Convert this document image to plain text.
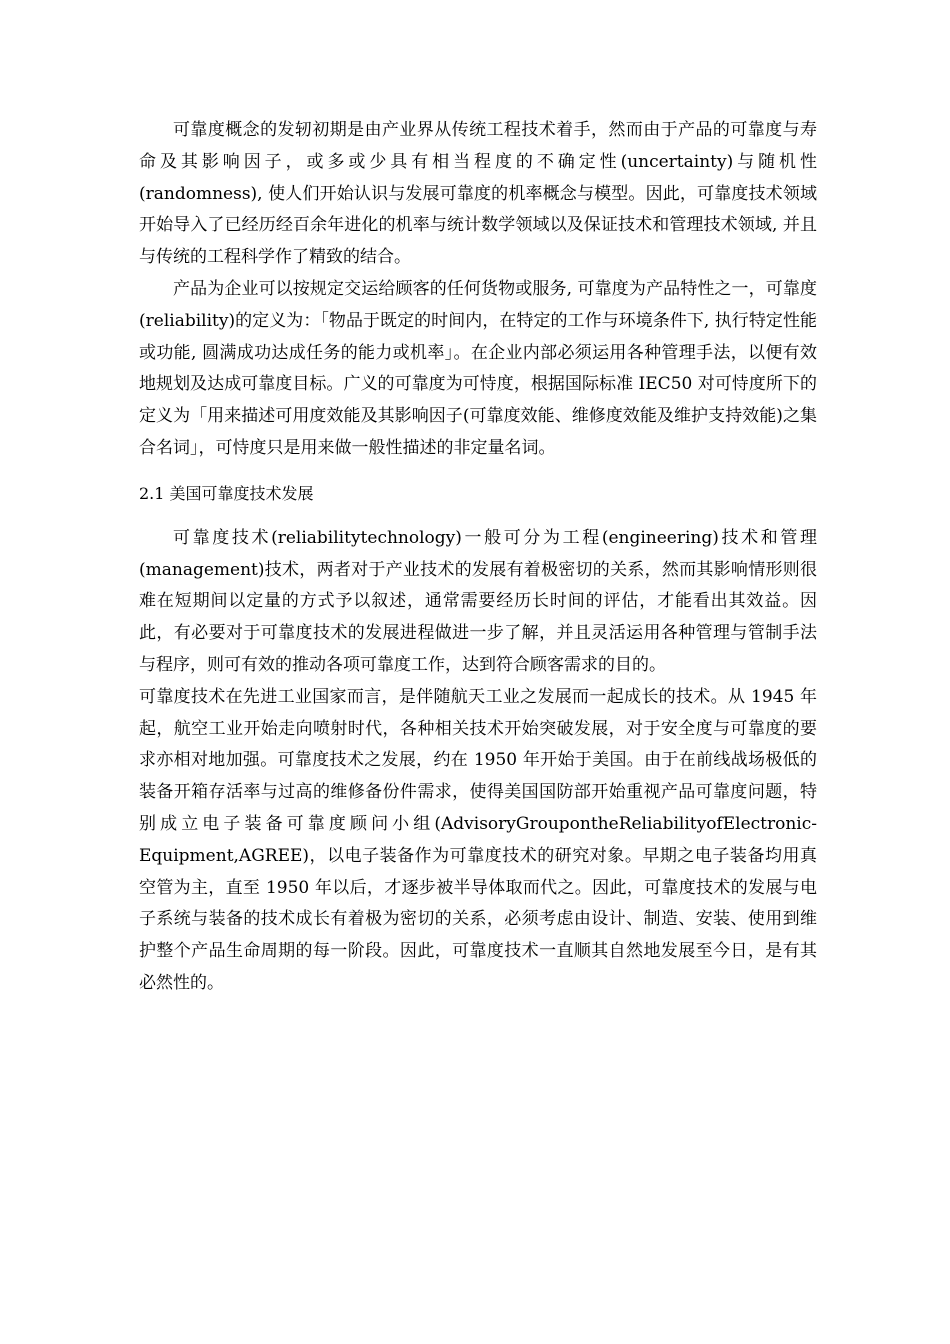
可靠度概念的发轫初期是由产业界从传统工程技术着手，然而由于产品的可靠度与寿命及其影响因子，或多或少具有相当程度的不确定性(uncertainty)与随机性(randomness), 使人们开始认识与发展可靠度的机率概念与模型。因此，可靠度技术领域开始导入了已经历经百余年进化的机率与统计数学领域以及保证技术和管理技术领域, 并且与传统的工程科学作了精致的结合。

产品为企业可以按规定交运给顾客的任何货物或服务, 可靠度为产品特性之一，可靠度(reliability)的定义为：「物品于既定的时间内，在特定的工作与环境条件下, 执行特定性能或功能, 圆满成功达成任务的能力或机率」。在企业内部必须运用各种管理手法，以便有效地规划及达成可靠度目标。广义的可靠度为可恃度，根据国际标准 IEC50 对可恃度所下的定义为「用来描述可用度效能及其影响因子(可靠度效能、维修度效能及维护支持效能)之集合名词」，可恃度只是用来做一般性描述的非定量名词。

2.1 美国可靠度技术发展

可靠度技术(reliabilitytechnology)一般可分为工程(engineering)技术和管理(management)技术，两者对于产业技术的发展有着极密切的关系，然而其影响情形则很难在短期间以定量的方式予以叙述，通常需要经历长时间的评估，才能看出其效益。因此，有必要对于可靠度技术的发展进程做进一步了解，并且灵活运用各种管理与管制手法与程序，则可有效的推动各项可靠度工作，达到符合顾客需求的目的。

可靠度技术在先进工业国家而言，是伴随航天工业之发展而一起成长的技术。从 1945 年起，航空工业开始走向喷射时代，各种相关技术开始突破发展，对于安全度与可靠度的要求亦相对地加强。可靠度技术之发展，约在 1950 年开始于美国。由于在前线战场极低的装备开箱存活率与过高的维修备份件需求，使得美国国防部开始重视产品可靠度问题，特别成立电子装备可靠度顾问小组(AdvisoryGroupontheReliabilityofElectronicEquipment,AGREE)，以电子装备作为可靠度技术的研究对象。早期之电子装备均用真空管为主，直至 1950 年以后，才逐步被半导体取而代之。因此，可靠度技术的发展与电子系统与装备的技术成长有着极为密切的关系，必须考虑由设计、制造、安装、使用到维护整个产品生命周期的每一阶段。因此，可靠度技术一直顺其自然地发展至今日，是有其必然性的。
